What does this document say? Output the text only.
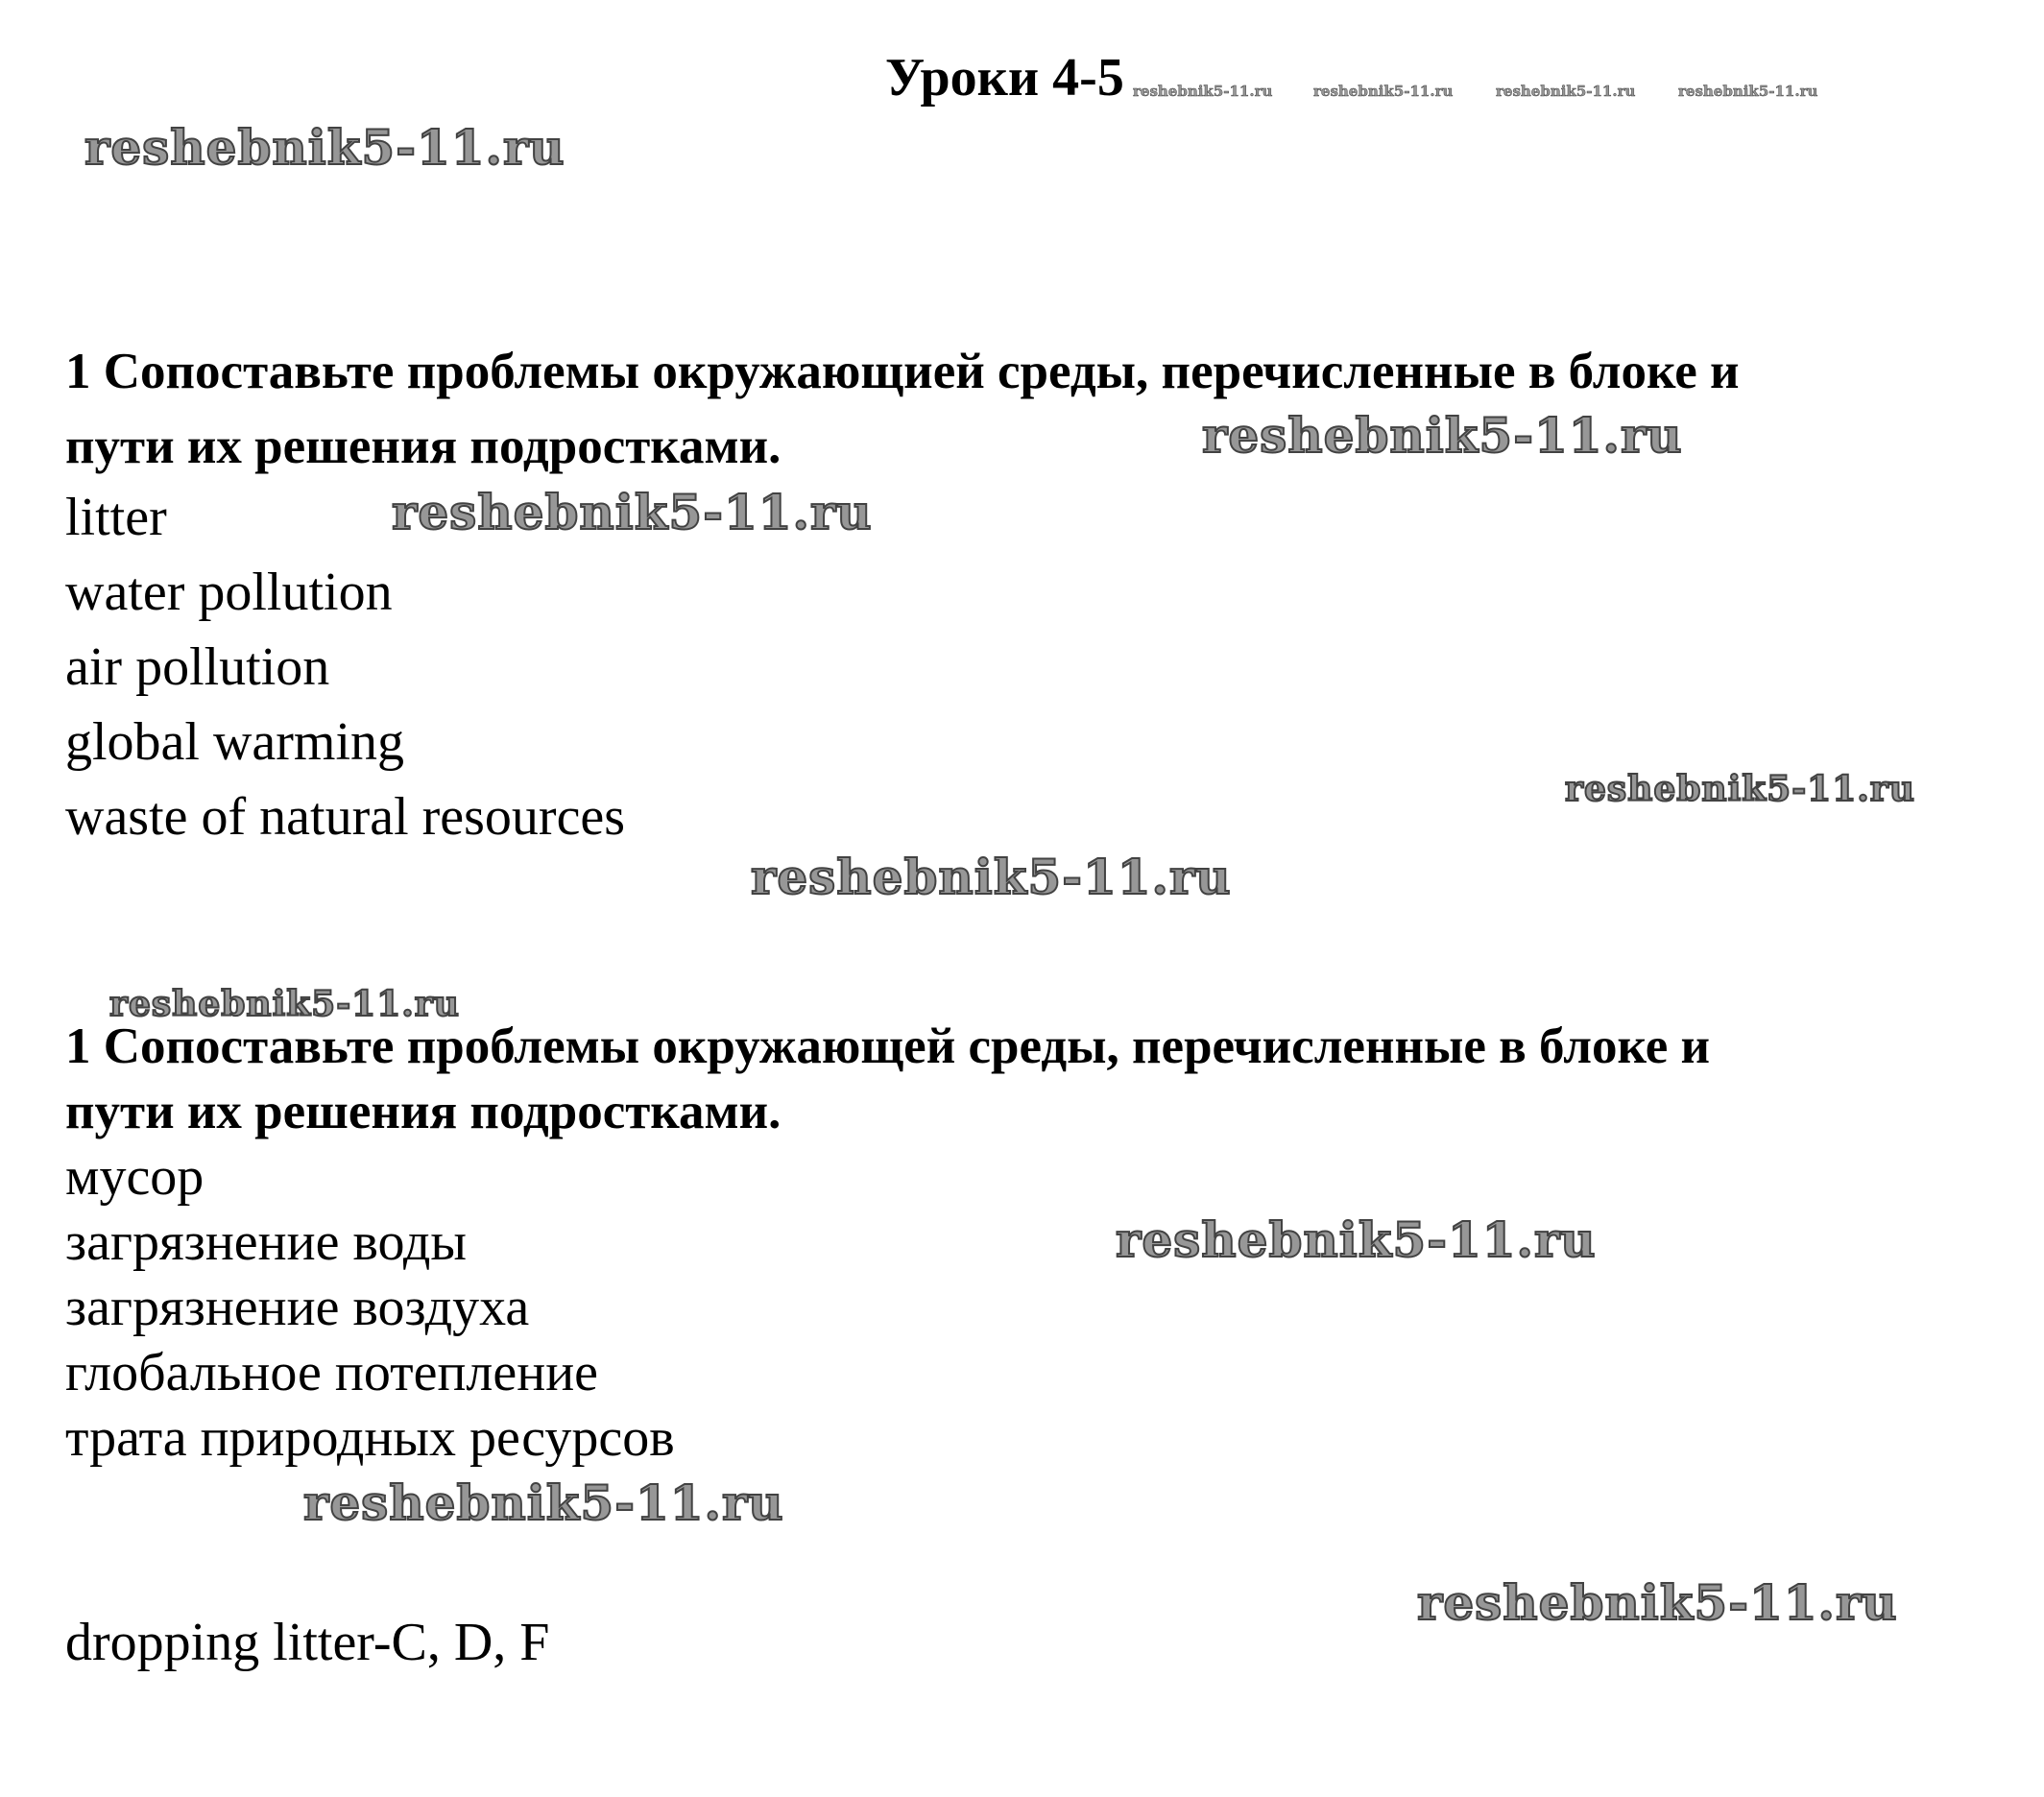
Уроки 4-5 reshebnik5-11.ru	reshebnik5-11.ru	reshebnik5-11.ru	reshebnik5-11.ru
reshebnik5-11.ru
1 Сопоставьте проблемы окружающией среды, перечисленные в блоке и
пути их решения подростками.	reshebnik5-11.ru
litter
water pollution
air pollution
global warming
waste of natural resources
reshebnik5-11.ru
reshebnik5-11.ru
reshebnik5-11.ru
reshebnik5-11.ru
1 Сопоставьте проблемы окружающей среды, перечисленные в блоке и
пути их решения подростками.
мусор
загрязнение воды
загрязнение воздуха
глобальное потепление
трата природных ресурсов
reshebnik5-11.ru
reshebnik5-11.ru
reshebnik5-11.ru
dropping litter-C, D, F
